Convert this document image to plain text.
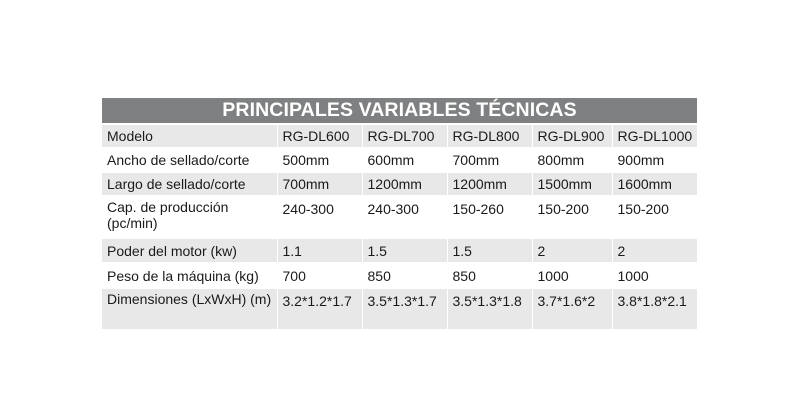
PRINCIPALES VARIABLES TÉCNICAS
Modelo	RG-DL600	RG-DL700	RG-DL800	RG-DL900	RG-DL1000
Ancho de sellado/corte	500mm	600mm	700mm	800mm	900mm
Largo de sellado/corte	700mm	1200mm	1200mm	1500mm	1600mm
Cap. de producción (pc/min)	240-300	240-300	150-260	150-200	150-200
Poder del motor (kw)	1.1	1.5	1.5	2	2
Peso de la máquina (kg)	700	850	850	1000	1000
Dimensiones (LxWxH) (m)	3.2*1.2*1.7	3.5*1.3*1.7	3.5*1.3*1.8	3.7*1.6*2	3.8*1.8*2.1
